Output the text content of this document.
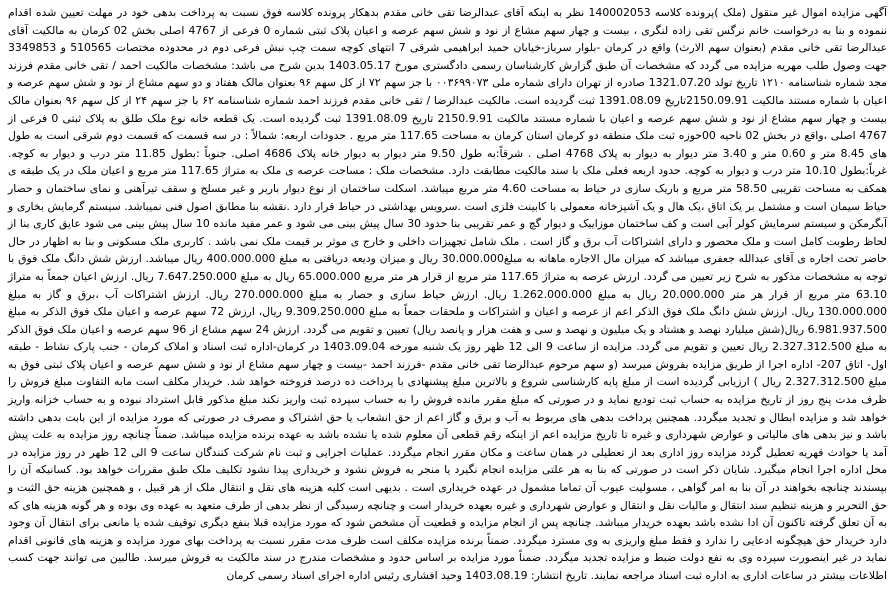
آگهی مزایده اموال غیر منقول (ملک )پرونده کلاسه 140002053 نظر به اینکه آقای عبدالرضا تقی خانی مقدم بدهکار پرونده کلاسه فوق نسبت به پرداخت بدهی خود در مهلت تعیین شده اقدام ننموده و بنا به درخواست خانم نرگس تقی زاده لنگری ، بیست و چهار سهم مشاع از نود و شش سهم عرصه و اعیان پلاک ثبتی شماره 0 فرعی از 4767 اصلی بخش 02 کرمان به مالکیت آقای عبدالرضا تقی خانی مقدم (بعنوان سهم الارث) واقع در کرمان -بلوار سرباز-خیابان حمید ابراهیمی شرقی 7 انتهای کوچه سمت چپ نبش فرعی دوم در محدوده مختصات 510565 و 3349853 جهت وصول طلب مهریه مزایده می گردد که مشخصات آن طبق گزارش کارشناسان رسمی دادگستری مورخ 1403.05.17 بدین شرح می باشد: مشخصات مالکیت احمد / تقی خانی مقدم فرزند مجد شماره شناسنامه ۱۲۱۰ تاریخ تولد 1321.07.20 صادره از تهران دارای شماره ملی ۰۰۳۶۹۹۰۷۳ با جز سهم ۷۲ از کل سهم ۹۶ بعنوان مالک هفتاد و دو سهم مشاع از نود و شش سهم عرصه و اعیان با شماره مستند مالکیت 2150.09.91تاریخ 1391.08.09 ثبت گردیده است. مالکیت عبدالرضا / تقی خانی مقدم فرزند احمد شماره شناسنامه ۶۲ با جز سهم ۲۴ از کل سهم ۹۶ بعنوان مالک بیست و چهار سهم مشاع از نود و شش سهم عرصه و اعیان با شماره مستند مالکیت 2150.9.91 تاریخ 1391.08.09 ثبت گردیده است. یک قطعه خانه نوع ملک طلق به پلاک ثبتی 0 فرعی از 4767 اصلی ،واقع در بخش 02 ناحیه 00حوزه ثبت ملک منطقه دو کرمان استان کرمان به مساحت 117.65 متر مربع . حدودات اربعه: شمالاً : در سه قسمت که قسمت دوم شرقی است به طول های 8.45 متر و 0.60 متر و 3.40 متر دیوار به دیوار به پلاک 4768 اصلی . شرقاً:به طول 9.50 متر دیوار به دیوار خانه پلاک 4686 اصلی. جنوباً :بطول 11.85 متر درب و دیوار به کوچه. غرباً:بطول 10.10 متر درب و دیوار به کوچه. حدود اربعه فعلی ملک با سند مالکیت مطابقت دارد. مشخصات ملک : مساحت عرصه ی ملک به متراژ 117.65 متر مربع و اعیان ملک در یک طبقه ی همکف به مساحت تقریبی 58.50 متر مربع و باریک سازی در حیاط به مساحت 4.60 متر مربع میباشد. اسکلت ساختمان از نوع دیوار باربر و غیر مسلح و سقف تیرآهنی و نمای ساختمان و حصار حیاط سیمان است و مشتمل بر یک اتاق ،یک هال و یک آشپزخانه معمولی با کابینت فلزی است .سرویس بهداشتی در حیاط قرار دارد .نقشه بنا مطابق اصول فنی نمیباشد. سیستم گرمایش بخاری و آبگرمکن و سیستم سرمایش کولر آبی است و کف ساختمان موزاییک و دیوار گچ و عمر تقریبی بنا حدود 30 سال پیش بینی می شود و عمر مفید مانده 10 سال پیش بینی می شود عایق کاری بنا از لحاظ رطوبت کامل است و ملک محصور و دارای اشتراکات آب برق و گاز است . ملک شامل تجهیزات داخلی و خارج ی موثر بر قیمت ملک نمی باشد . کاربری ملک مسکونی و بنا به اظهار در حال حاضر تحت اجاره ی آقای عبدالله جعفری میباشد که میزان مال الاجاره ماهانه به مبلغ30.000.000 ریال و میزان ودیعه دریافتی به مبلغ 400.000.000 ریال میباشد. ارزش شش دانگ ملک فوق با توجه به مشخصات مذکور به شرح زیر تعیین می گردد. ارزش عرصه به متراژ 117.65 متر مربع از قرار هر متر مربع 65.000.000 ریال به مبلغ 7.647.250.000 ریال. ارزش اعیان جمعاً به متراژ 63.10 متر مربع از قرار هر متر 20.000.000 ریال به مبلغ 1.262.000.000 ریال. ارزش حیاط سازی و حصار به مبلغ 270.000.000 ریال. ارزش اشتراکات آب ،برق و گاز به مبلغ 130.000.000 ریال. ارزش شش دانگ ملک فوق الذکر اعم از عرصه و اعیان و اشتراکات و ملحقات جمعاً به مبلغ 9.309.250.000 ریال، ارزش 72 سهم عرصه و اعیان ملک فوق الذکر به مبلغ 6.981.937.500 ریال(شش میلیارد نهصد و هشتاد و یک میلیون و نهصد و سی و هفت هزار و پانصد ریال) تعیین و تقویم می گردد. ارزش 24 سهم مشاع از 96 سهم عرصه و اعیان ملک فوق الذکر به مبلغ 2.327.312.500 ریال تعیین و تقویم می گردد. مزایده از ساعت 9 الی 12 ظهر روز یک شنبه مورخه 1403.09.04 در کرمان-اداره ثبت اسناد و املاک کرمان - جنب پارک نشاط - طبقه اول- اتاق 207- اداره اجرا از طریق مزایده بفروش میرسد (و سهم مرحوم عبدالرضا تقی خانی مقدم -فرزند احمد -بیست و چهار سهم مشاع از نود و شش سهم عرصه و اعیان پلاک ثبتی فوق به مبلغ 2.327.312.500 ریال ) ارزیابی گردیده است از مبلغ پایه کارشناسی شروع و بالاترین مبلغ پیشنهادی با پرداخت ده درصد فروخته خواهد شد. خریدار مکلف است مابه التفاوت مبلغ فروش را ظرف مدت پنج روز از تاریخ مزایده به حساب ثبت تودیع نماید و در صورتی که مبلغ مقرر مانده فروش را به حساب سپرده ثبت واریز نکند مبلغ مذکور قابل استرداد نبوده و به حساب خزانه واریز خواهد شد و مزایده ابطال و تجدید میگردد. همچنین پرداخت بدهی های مربوط به آب و برق و گاز اعم از حق انشعاب یا حق اشتراک و مصرف در صورتی که مورد مزایده از این بابت بدهی داشته باشد و نیز بدهی های مالیاتی و عوارض شهرداری و غیره تا تاریخ مزایده اعم از اینکه رقم قطعی آن معلوم شده یا نشده باشد به عهده برنده مزایده میباشد. ضمناً چنانچه روز مزایده به علت پیش آمد یا حوادث قهریه تعطیل گردد مزایده روز اداری بعد از تعطیلی در همان ساعت و مکان مقرر انجام میگردد. عملیات اجرایی و ثبت نام شرکت کنندگان ساعت 9 الی 12 ظهر در روز مزایده در محل اداره اجرا انجام میگیرد. شایان ذکر است در صورتی که بنا به هر علتی مزایده انجام نگیرد یا منجر به فروش نشود و خریداری پیدا نشود تکلیف ملک طبق مقررات خواهد بود. کسانیکه آن را بپسندند چنانچه بخواهند در آن بنا به امر گواهی ، مسولیت عیوب آن تماما مشمول در عهده خریداری است . بدیهی است کلیه هزینه های نقل و انتقال ملک از هر قبیل ، و همچنین هزینه حق الثبت و حق التحریر و هزینه تنظیم سند انتقال و مالیات نقل و انتقال و عوارض شهرداری و غیره بعهده خریدار است و چنانچه رسیدگی از نظر بدهی از طرف متعهد به عهده وی بوده و هر گونه هزینه های که به آن تعلق گرفته تاکنون آن ادا نشده باشد بعهده خریدار میباشد. چنانچه پس از انجام مزایده و قطعیت آن مشخص شود که مورد مزایده قبلا بنفع دیگری توقیف شده یا مانعی برای انتقال آن وجود دارد خریدار حق هیچگونه ادعایی را ندارد و فقط مبلغ واریزی به وی مسترد میگردد. ضمناً برنده مزایده مکلف است ظرف مدت مقرر نسبت به پرداخت بهای مورد مزایده و هزینه های قانونی اقدام نماید در غیر اینصورت سپرده وی به نفع دولت ضبط و مزایده تجدید میگردد. ضمناً مورد مزایده بر اساس حدود و مشخصات مندرج در سند مالکیت به فروش میرسد. طالبین می توانند جهت کسب اطلاعات بیشتر در ساعات اداری به اداره ثبت اسناد مراجعه نمایند. تاریخ انتشار: 1403.08.19 وحید افشاری رئیس اداره اجرای اسناد رسمی کرمان
